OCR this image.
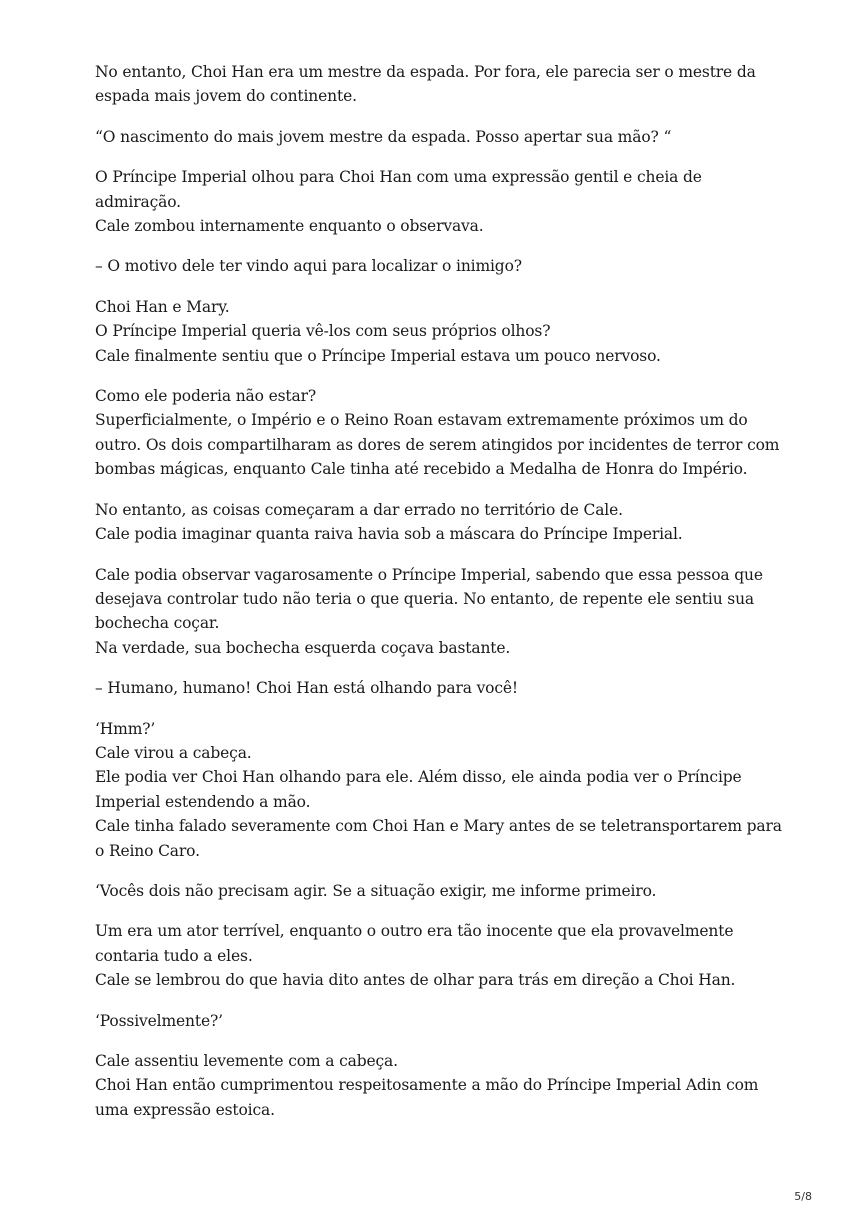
No entanto, Choi Han era um mestre da espada. Por fora, ele parecia ser o mestre da
espada mais jovem do continente.

“O nascimento do mais jovem mestre da espada. Posso apertar sua mão? “

O Príncipe Imperial olhou para Choi Han com uma expressão gentil e cheia de
admiração.
Cale zombou internamente enquanto o observava.

– O motivo dele ter vindo aqui para localizar o inimigo?

Choi Han e Mary.
O Príncipe Imperial queria vê-los com seus próprios olhos?
Cale finalmente sentiu que o Príncipe Imperial estava um pouco nervoso.

Como ele poderia não estar?
Superficialmente, o Império e o Reino Roan estavam extremamente próximos um do
outro. Os dois compartilharam as dores de serem atingidos por incidentes de terror com
bombas mágicas, enquanto Cale tinha até recebido a Medalha de Honra do Império.

No entanto, as coisas começaram a dar errado no território de Cale.
Cale podia imaginar quanta raiva havia sob a máscara do Príncipe Imperial.

Cale podia observar vagarosamente o Príncipe Imperial, sabendo que essa pessoa que
desejava controlar tudo não teria o que queria. No entanto, de repente ele sentiu sua
bochecha coçar.
Na verdade, sua bochecha esquerda coçava bastante.

– Humano, humano! Choi Han está olhando para você!

‘Hmm?’
Cale virou a cabeça.
Ele podia ver Choi Han olhando para ele. Além disso, ele ainda podia ver o Príncipe
Imperial estendendo a mão.
Cale tinha falado severamente com Choi Han e Mary antes de se teletransportarem para
o Reino Caro.

‘Vocês dois não precisam agir. Se a situação exigir, me informe primeiro.

Um era um ator terrível, enquanto o outro era tão inocente que ela provavelmente
contaria tudo a eles.
Cale se lembrou do que havia dito antes de olhar para trás em direção a Choi Han.

‘Possivelmente?’

Cale assentiu levemente com a cabeça.
Choi Han então cumprimentou respeitosamente a mão do Príncipe Imperial Adin com
uma expressão estoica.

5/8
